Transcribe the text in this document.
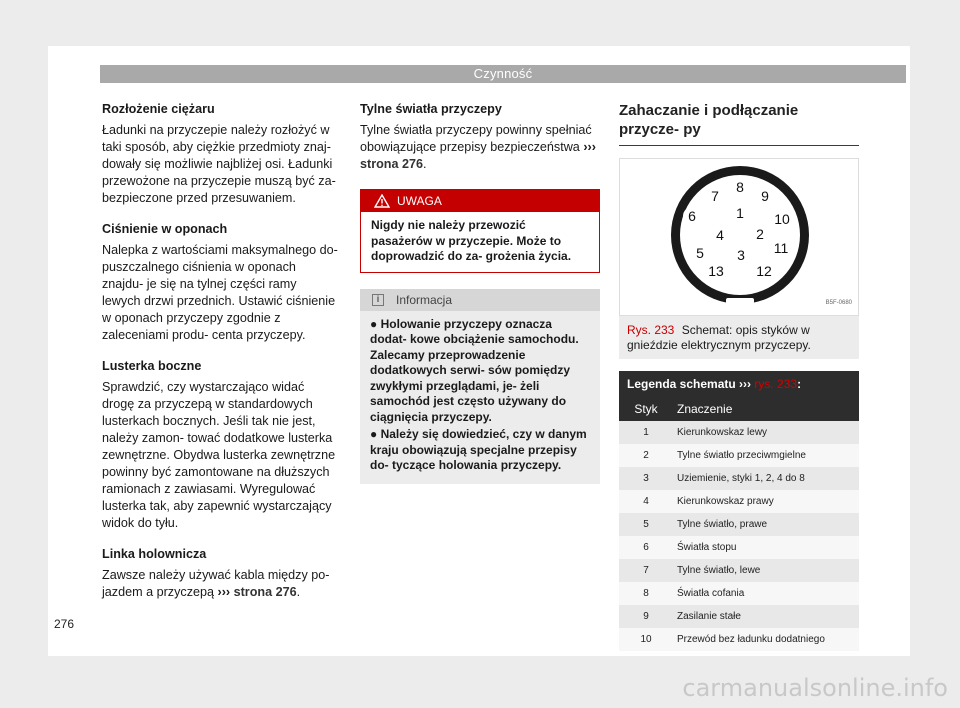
Czynność
Rozłożenie ciężaru
Ładunki na przyczepie należy rozłożyć w taki sposób, aby ciężkie przedmioty znaj- dowały się możliwie najbliżej osi. Ładunki przewożone na przyczepie muszą być za- bezpieczone przed przesuwaniem.
Ciśnienie w oponach
Nalepka z wartościami maksymalnego do- puszczalnego ciśnienia w oponach znajdu- je się na tylnej części ramy lewych drzwi przednich. Ustawić ciśnienie w oponach przyczepy zgodnie z zaleceniami produ- centa przyczepy.
Lusterka boczne
Sprawdzić, czy wystarczająco widać drogę za przyczepą w standardowych lusterkach bocznych. Jeśli tak nie jest, należy zamon- tować dodatkowe lusterka zewnętrzne. Obydwa lusterka zewnętrzne powinny być zamontowane na dłuższych ramionach z zawiasami. Wyregulować lusterka tak, aby zapewnić wystarczający widok do tyłu.
Linka holownicza
Zawsze należy używać kabla między po- jazdem a przyczepą ››› strona 276.
Tylne światła przyczepy
Tylne światła przyczepy powinny spełniać obowiązujące przepisy bezpieczeństwa ››› strona 276.
UWAGA
Nigdy nie należy przewozić pasażerów w przyczepie. Może to doprowadzić do za- grożenia życia.
i	Informacja
● Holowanie przyczepy oznacza dodat- kowe obciążenie samochodu. Zalecamy przeprowadzenie dodatkowych serwi- sów pomiędzy zwykłymi przeglądami, je- żeli samochód jest często używany do ciągnięcia przyczepy.
● Należy się dowiedzieć, czy w danym kraju obowiązują specjalne przepisy do- tyczące holowania przyczepy.
Zahaczanie i podłączanie przycze- py
1
2
3
4
5
6
7
8
9
10
11
12
13
B5F-0680
Rys. 233 Schemat: opis styków w gnieździe elektrycznym przyczepy.
Legenda schematu ››› rys. 233:
Styk	Znaczenie
1	Kierunkowskaz lewy
2	Tylne światło przeciwmgielne
3	Uziemienie, styki 1, 2, 4 do 8
4	Kierunkowskaz prawy
5	Tylne światło, prawe
6	Światła stopu
7	Tylne światło, lewe
8	Światła cofania
9	Zasilanie stałe
10	Przewód bez ładunku dodatniego
276
carmanualsonline.info
